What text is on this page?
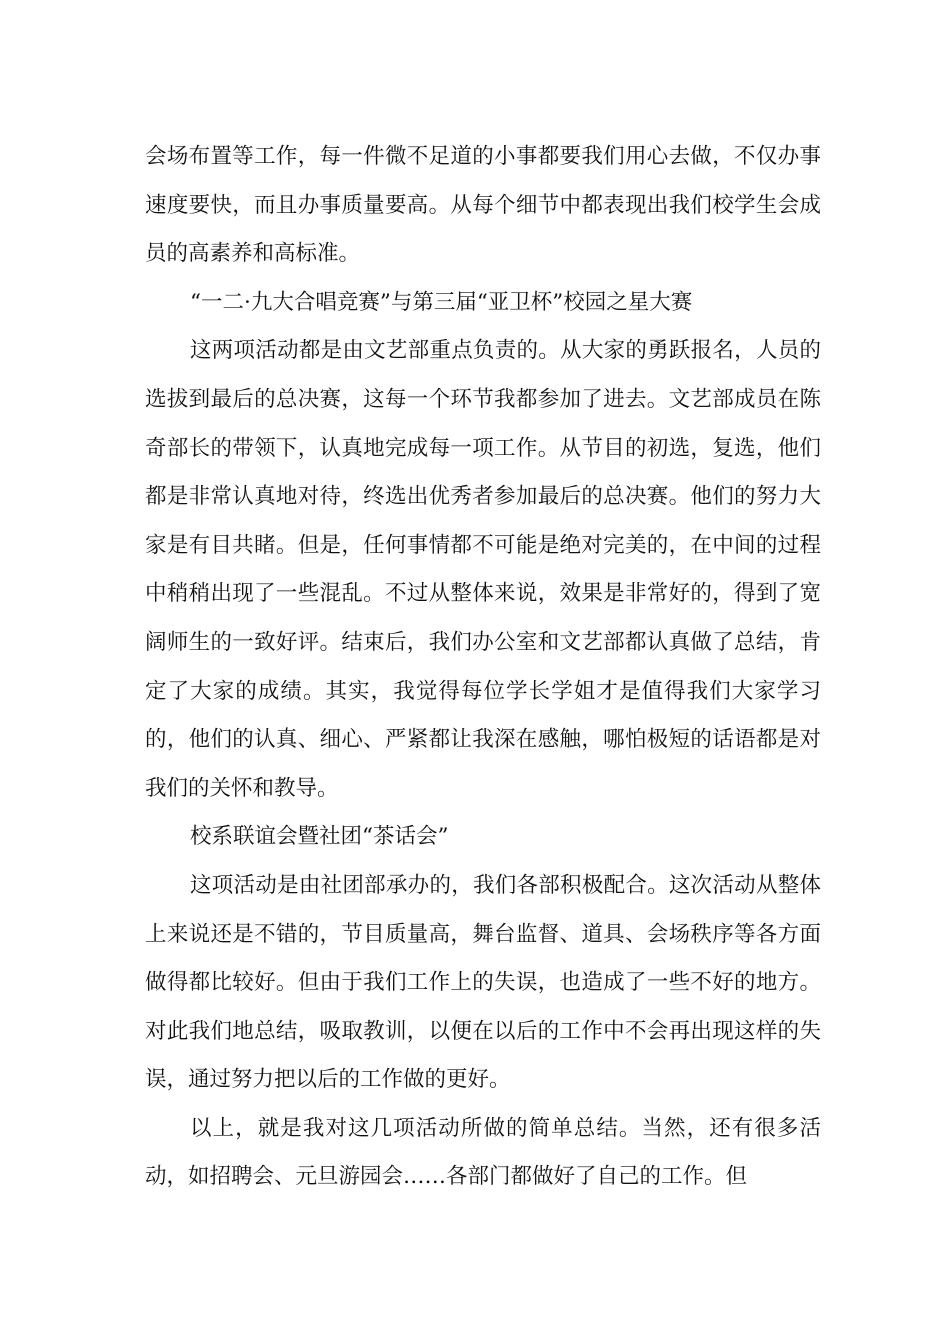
会场布置等工作，每一件微不足道的小事都要我们用心去做，不仅办事速度要快，而且办事质量要高。从每个细节中都表现出我们校学生会成员的高素养和高标准。

“一二·九大合唱竞赛”与第三届“亚卫杯”校园之星大赛

这两项活动都是由文艺部重点负责的。从大家的勇跃报名，人员的选拔到最后的总决赛，这每一个环节我都参加了进去。文艺部成员在陈奇部长的带领下，认真地完成每一项工作。从节目的初选，复选，他们都是非常认真地对待，终选出优秀者参加最后的总决赛。他们的努力大家是有目共睹。但是，任何事情都不可能是绝对完美的，在中间的过程中稍稍出现了一些混乱。不过从整体来说，效果是非常好的，得到了宽阔师生的一致好评。结束后，我们办公室和文艺部都认真做了总结，肯定了大家的成绩。其实，我觉得每位学长学姐才是值得我们大家学习的，他们的认真、细心、严紧都让我深在感触，哪怕极短的话语都是对我们的关怀和教导。

校系联谊会暨社团“茶话会”

这项活动是由社团部承办的，我们各部积极配合。这次活动从整体上来说还是不错的，节目质量高，舞台监督、道具、会场秩序等各方面做得都比较好。但由于我们工作上的失误，也造成了一些不好的地方。对此我们地总结，吸取教训，以便在以后的工作中不会再出现这样的失误，通过努力把以后的工作做的更好。

以上，就是我对这几项活动所做的简单总结。当然，还有很多活动，如招聘会、元旦游园会……各部门都做好了自己的工作。但
